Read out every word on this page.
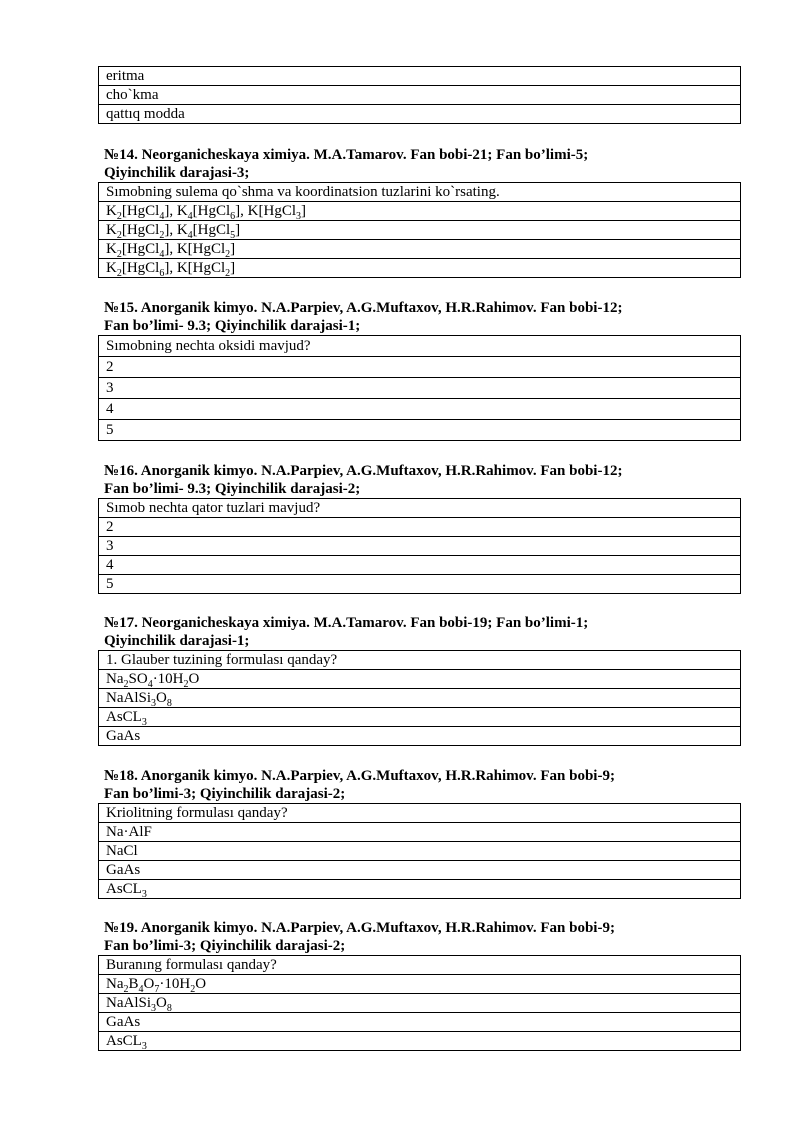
eritma
cho`kma
qattıq modda

№14. Neorganicheskaya ximiya. M.A.Tamarov. Fan bobi-21; Fan bo’limi-5;
Qiyinchilik darajasi-3;

Sımobning sulema qo`shma va koordinatsion tuzlarini ko`rsating.
$K_2[HgCl_4]$, $K_4[HgCl_6]$, K[HgCl$_3$]
$K_2[HgCl_2]$, $K_4[HgCl_5]$
$K_2[HgCl_4]$, K[HgCl$_2$]
$K_2[HgCl_6]$, K[HgCl$_2$]

№15. Anorganik kimyo. N.A.Parpiev, A.G.Muftaxov, H.R.Rahimov. Fan bobi-12;
Fan bo’limi- 9.3; Qiyinchilik darajasi-1;

Sımobning nechta oksidi mavjud?
2
3
4
5

№16. Anorganik kimyo. N.A.Parpiev, A.G.Muftaxov, H.R.Rahimov. Fan bobi-12;
Fan bo’limi- 9.3; Qiyinchilik darajasi-2;

Sımob nechta qator tuzlari mavjud?
2
3
4
5

№17. Neorganicheskaya ximiya. M.A.Tamarov. Fan bobi-19; Fan bo’limi-1;
Qiyinchilik darajasi-1;

1. Glauber tuzining formulası qanday?
$Na_2SO_4\cdot 10H_2O$
$NaAlSi_3O_8$
AsCL$_3$
GaAs

№18. Anorganik kimyo. N.A.Parpiev, A.G.Muftaxov, H.R.Rahimov. Fan bobi-9;
Fan bo’limi-3; Qiyinchilik darajasi-2;

Kriolitning formulası qanday?
Na·AlF
NaCl
GaAs
AsCL$_3$

№19. Anorganik kimyo. N.A.Parpiev, A.G.Muftaxov, H.R.Rahimov. Fan bobi-9;
Fan bo’limi-3; Qiyinchilik darajasi-2;

Buranıng formulası qanday?
$Na_2B_4O_7\cdot 10H_2O$
$NaAlSi_3O_8$
GaAs
AsCL$_3$
